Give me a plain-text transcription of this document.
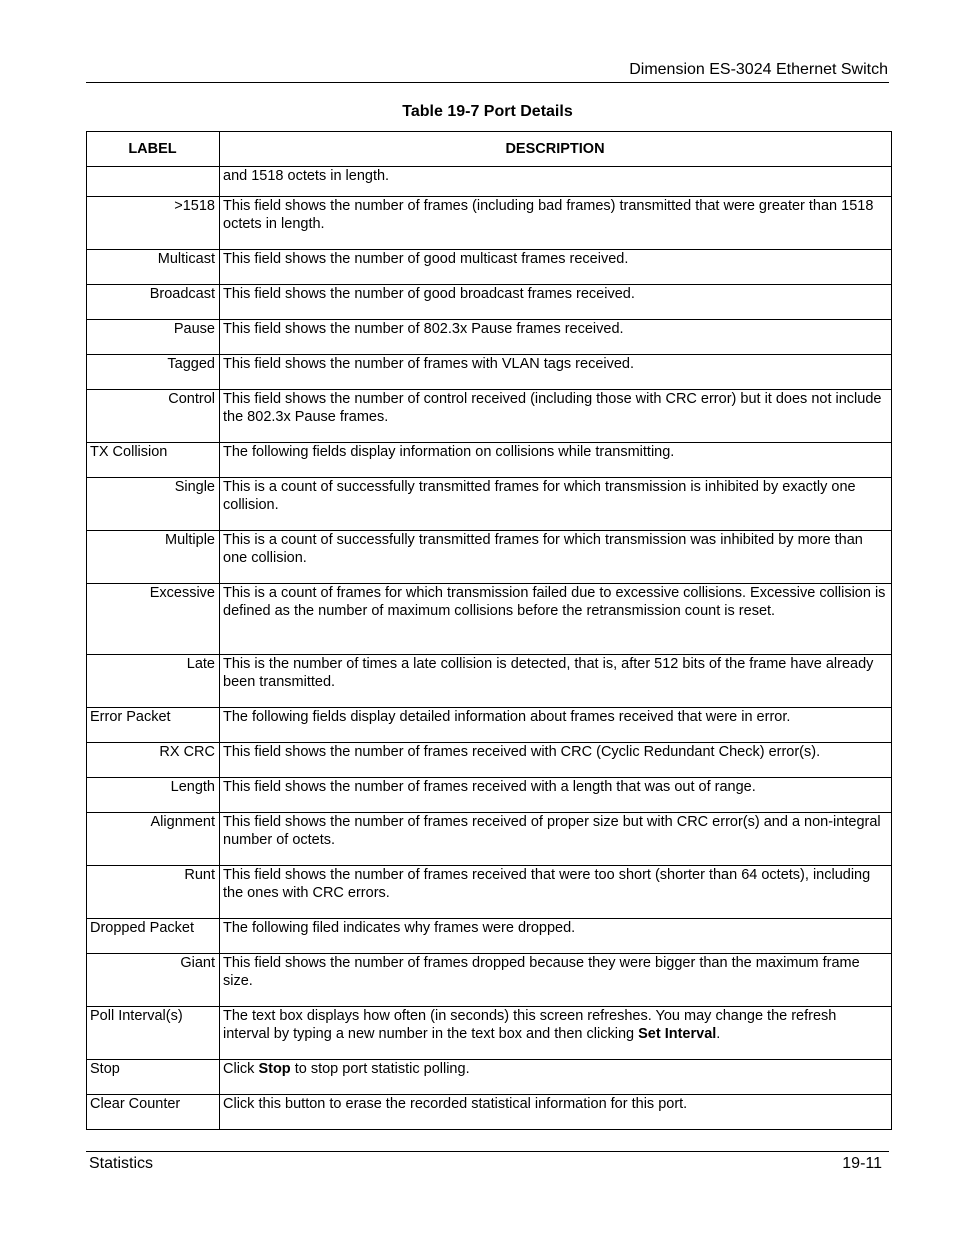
Dimension ES-3024 Ethernet Switch
Table 19-7 Port Details
LABEL	DESCRIPTION
	and 1518 octets in length.
>1518	This field shows the number of frames (including bad frames) transmitted that were greater than 1518 octets in length.
Multicast	This field shows the number of good multicast frames received.
Broadcast	This field shows the number of good broadcast frames received.
Pause	This field shows the number of 802.3x Pause frames received.
Tagged	This field shows the number of frames with VLAN tags received.
Control	This field shows the number of control received (including those with CRC error) but it does not include the 802.3x Pause frames.
TX Collision	The following fields display information on collisions while transmitting.
Single	This is a count of successfully transmitted frames for which transmission is inhibited by exactly one collision.
Multiple	This is a count of successfully transmitted frames for which transmission was inhibited by more than one collision.
Excessive	This is a count of frames for which transmission failed due to excessive collisions. Excessive collision is defined as the number of maximum collisions before the retransmission count is reset.
Late	This is the number of times a late collision is detected, that is, after 512 bits of the frame have already been transmitted.
Error Packet	The following fields display detailed information about frames received that were in error.
RX CRC	This field shows the number of frames received with CRC (Cyclic Redundant Check) error(s).
Length	This field shows the number of frames received with a length that was out of range.
Alignment	This field shows the number of frames received of proper size but with CRC error(s) and a non-integral number of octets.
Runt	This field shows the number of frames received that were too short (shorter than 64 octets), including the ones with CRC errors.
Dropped Packet	The following filed indicates why frames were dropped.
Giant	This field shows the number of frames dropped because they were bigger than the maximum frame size.
Poll Interval(s)	The text box displays how often (in seconds) this screen refreshes. You may change the refresh interval by typing a new number in the text box and then clicking Set Interval.
Stop	Click Stop to stop port statistic polling.
Clear Counter	Click this button to erase the recorded statistical information for this port.
Statistics	19-11
